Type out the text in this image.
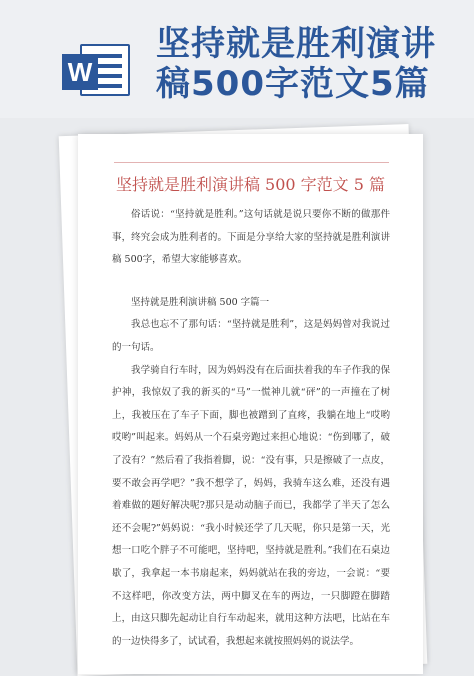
W
坚持就是胜利演讲
稿500字范文5篇
坚持就是胜利演讲稿 500 字范文 5 篇

俗话说：“坚持就是胜利。”这句话就是说只要你不断的做那件事，终究会成为胜利者的。下面是分享给大家的坚持就是胜利演讲稿 500字，希望大家能够喜欢。

坚持就是胜利演讲稿 500 字篇一

我总也忘不了那句话：“坚持就是胜利”，这是妈妈曾对我说过的一句话。

我学骑自行车时，因为妈妈没有在后面扶着我的车子作我的保护神，我惊奴了我的新买的“马”一慌神儿就“砰”的一声撞在了树上，我被压在了车子下面，脚也被蹭到了直疼，我躺在地上“哎哟哎哟”叫起来。妈妈从一个石桌旁跑过来担心地说：“伤到哪了，破了没有？”然后看了我指着脚，说：“没有事，只是擦破了一点皮，要不敢会再学吧？”我不想学了，妈妈，我骑车这么难，还没有遇着难做的题好解决呢?那只是动动脑子而已，我都学了半天了怎么还不会呢?”妈妈说：“我小时候还学了几天呢，你只是第一天，光想一口吃个胖子不可能吧，坚持吧，坚持就是胜利。”我们在石桌边歇了，我拿起一本书扇起来，妈妈就站在我的旁边，一会说：“要不这样吧，你改变方法，两中脚叉在车的两边，一只脚蹬在脚踏上，由这只脚先起动让自行车动起来，就用这种方法吧，比站在车的一边快得多了，试试看，我想起来就按照妈妈的说法学。
